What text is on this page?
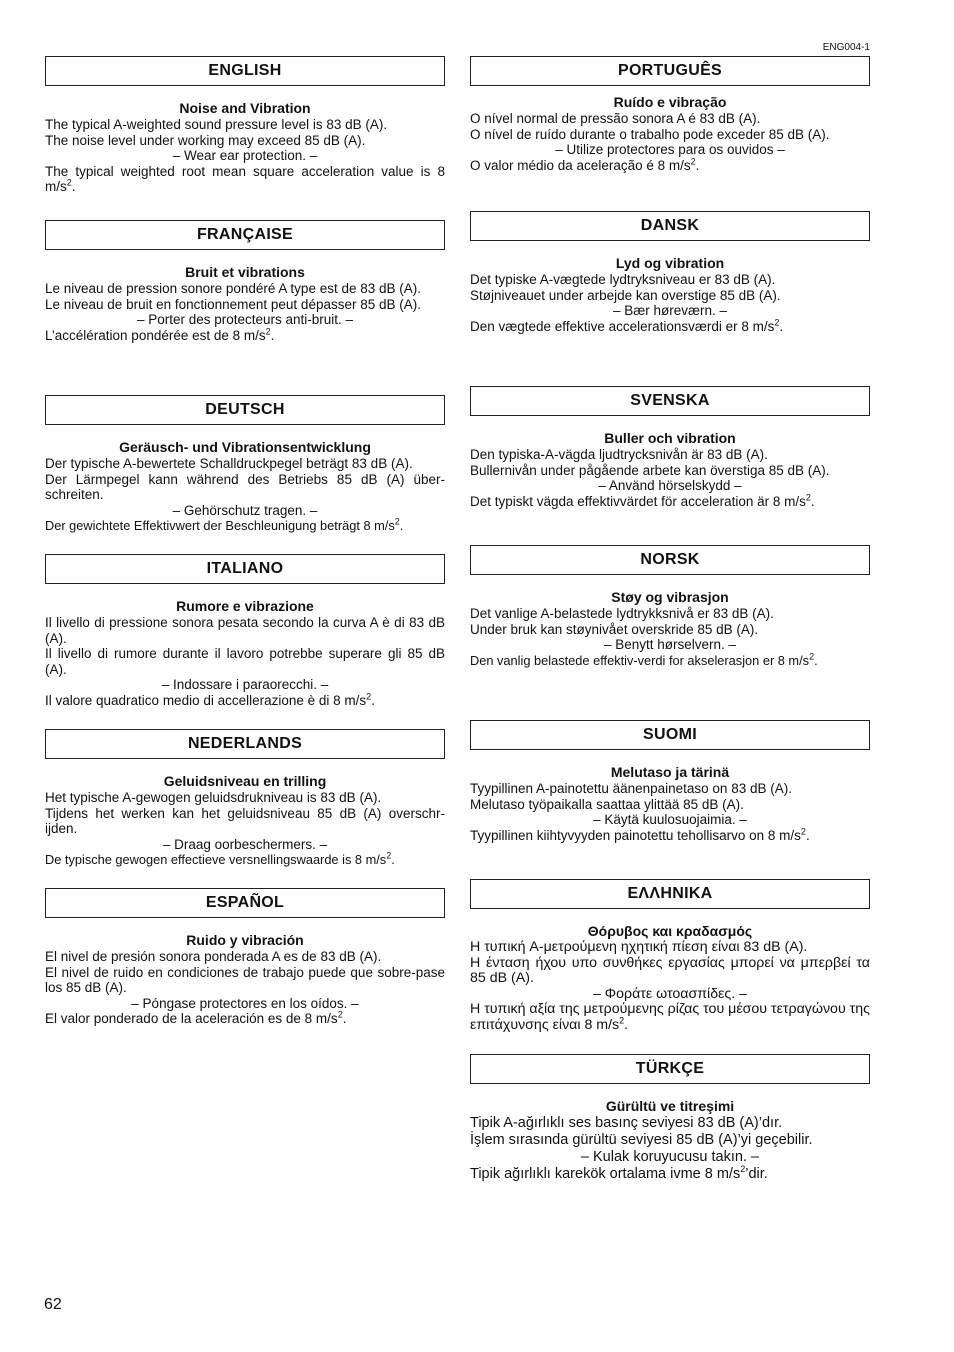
ENG004-1
ENGLISH
Noise and Vibration
The typical A-weighted sound pressure level is 83 dB (A).
The noise level under working may exceed 85 dB (A).
– Wear ear protection. –
The typical weighted root mean square acceleration value is 8 $m/s^2$.
FRANÇAISE
Bruit et vibrations
Le niveau de pression sonore pondéré A type est de 83 dB (A).
Le niveau de bruit en fonctionnement peut dépasser 85 dB (A).
– Porter des protecteurs anti-bruit. –
L’accélération pondérée est de 8 $m/s^2$.
DEUTSCH
Geräusch- und Vibrationsentwicklung
Der typische A-bewertete Schalldruckpegel beträgt 83 dB (A).
Der Lärmpegel kann während des Betriebs 85 dB (A) über-schreiten.
– Gehörschutz tragen. –
Der gewichtete Effektivwert der Beschleunigung beträgt 8 $m/s^2$.
ITALIANO
Rumore e vibrazione
Il livello di pressione sonora pesata secondo la curva A è di 83 dB (A).
Il livello di rumore durante il lavoro potrebbe superare gli 85 dB (A).
– Indossare i paraorecchi. –
Il valore quadratico medio di accellerazione è di 8 $m/s^2$.
NEDERLANDS
Geluidsniveau en trilling
Het typische A-gewogen geluidsdrukniveau is 83 dB (A).
Tijdens het werken kan het geluidsniveau 85 dB (A) overschr-ijden.
– Draag oorbeschermers. –
De typische gewogen effectieve versnellingswaarde is 8 $m/s^2$.
ESPAÑOL
Ruido y vibración
El nivel de presión sonora ponderada A es de 83 dB (A).
El nivel de ruido en condiciones de trabajo puede que sobre-pase los 85 dB (A).
– Póngase protectores en los oídos. –
El valor ponderado de la aceleración es de 8 $m/s^2$.
PORTUGUÊS
Ruído e vibração
O nível normal de pressão sonora A é 83 dB (A).
O nível de ruído durante o trabalho pode exceder 85 dB (A).
– Utilize protectores para os ouvidos –
O valor médio da aceleração é 8 $m/s^2$.
DANSK
Lyd og vibration
Det typiske A-vægtede lydtryksniveau er 83 dB (A).
Støjniveauet under arbejde kan overstige 85 dB (A).
– Bær høreværn. –
Den vægtede effektive accelerationsværdi er 8 $m/s^2$.
SVENSKA
Buller och vibration
Den typiska-A-vägda ljudtrycksnivån är 83 dB (A).
Bullernivån under pågående arbete kan överstiga 85 dB (A).
– Använd hörselskydd –
Det typiskt vägda effektivvärdet för acceleration är 8 $m/s^2$.
NORSK
Støy og vibrasjon
Det vanlige A-belastede lydtrykksnivå er 83 dB (A).
Under bruk kan støynivået overskride 85 dB (A).
– Benytt hørselvern. –
Den vanlig belastede effektiv-verdi for akselerasjon er 8 $m/s^2$.
SUOMI
Melutaso ja tärinä
Tyypillinen A-painotettu äänenpainetaso on 83 dB (A).
Melutaso työpaikalla saattaa ylittää 85 dB (A).
– Käytä kuulosuojaimia. –
Tyypillinen kiihtyvyyden painotettu tehollisarvo on 8 $m/s^2$.
ΕΛΛΗΝΙΚΑ
Θόρυβος και κραδασμός
Η τυπική A-μετρούμενη ηχητική πίεση είναι 83 dB (A).
Η ένταση ήχου υπο συνθήκες εργασίας μπορεί να μπερβεί τα 85 dB (A).
– Φοράτε ωτοασπίδες. –
Η τυπική αξία της μετρούμενης ρίζας του μέσου τετραγώνου της επιτάχυνσης είναι 8 $m/s^2$.
TÜRKÇE
Gürültü ve titreşimi
Tipik A-ağırlıklı ses basınç seviyesi 83 dB (A)’dır.
İşlem sırasında gürültü seviyesi 85 dB (A)’yi geçebilir.
– Kulak koruyucusu takın. –
Tipik ağırlıklı karekök ortalama ivme 8 $m/s^2’dir$.
62
